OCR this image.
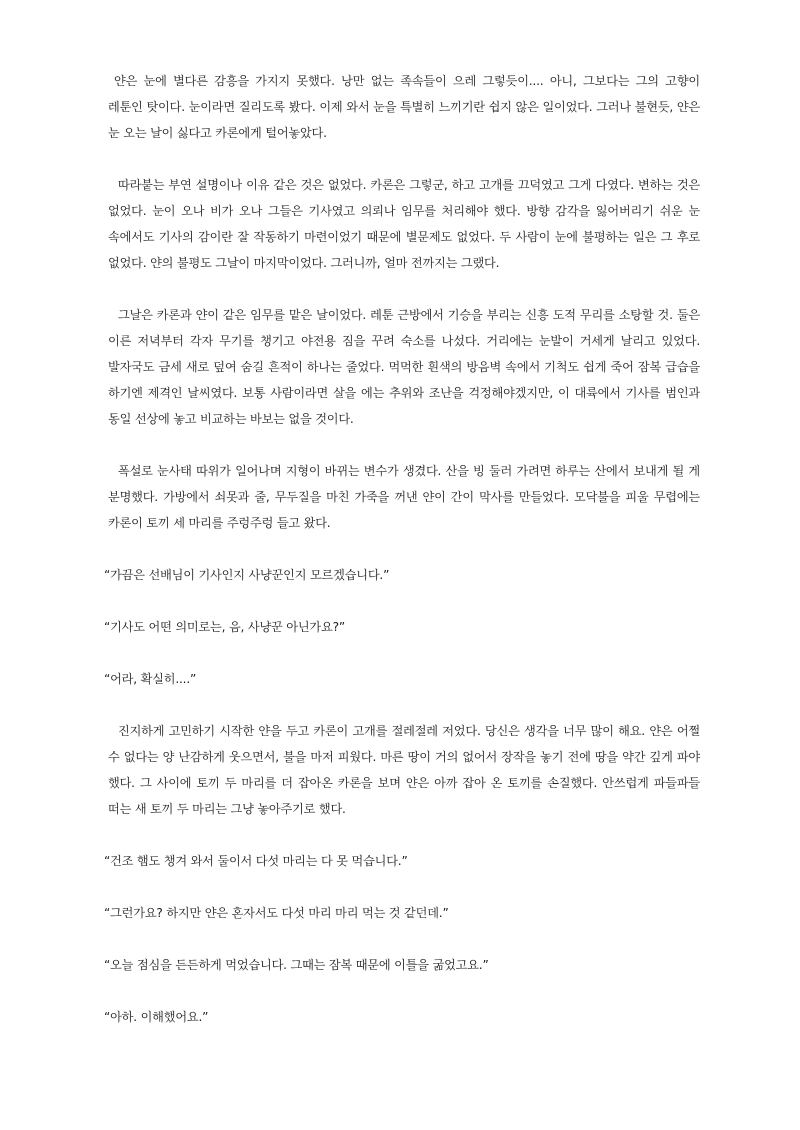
얀은 눈에 별다른 감흥을 가지지 못했다. 낭만 없는 족속들이 으레 그렇듯이.... 아니, 그보다는 그의 고향이 레툰인 탓이다. 눈이라면 질리도록 봤다. 이제 와서 눈을 특별히 느끼기란 쉽지 않은 일이었다. 그러나 불현듯, 얀은 눈 오는 날이 싫다고 카론에게 털어놓았다.

따라붙는 부연 설명이나 이유 같은 것은 없었다. 카론은 그렇군, 하고 고개를 끄덕였고 그게 다였다. 변하는 것은 없었다. 눈이 오나 비가 오나 그들은 기사였고 의뢰나 임무를 처리해야 했다. 방향 감각을 잃어버리기 쉬운 눈 속에서도 기사의 감이란 잘 작동하기 마련이었기 때문에 별문제도 없었다. 두 사람이 눈에 불평하는 일은 그 후로 없었다. 얀의 불평도 그날이 마지막이었다. 그러니까, 얼마 전까지는 그랬다.

그날은 카론과 얀이 같은 임무를 맡은 날이었다. 레툰 근방에서 기승을 부리는 신흥 도적 무리를 소탕할 것. 둘은 이른 저녁부터 각자 무기를 챙기고 야전용 짐을 꾸려 숙소를 나섰다. 거리에는 눈발이 거세게 날리고 있었다. 발자국도 금세 새로 덮여 숨길 흔적이 하나는 줄었다. 먹먹한 흰색의 방음벽 속에서 기척도 쉽게 죽어 잠복 급습을 하기엔 제격인 날씨였다. 보통 사람이라면 살을 에는 추위와 조난을 걱정해야겠지만, 이 대륙에서 기사를 범인과 동일 선상에 놓고 비교하는 바보는 없을 것이다.

폭설로 눈사태 따위가 일어나며 지형이 바뀌는 변수가 생겼다. 산을 빙 둘러 가려면 하루는 산에서 보내게 될 게 분명했다. 가방에서 쇠못과 줄, 무두질을 마친 가죽을 꺼낸 얀이 간이 막사를 만들었다. 모닥불을 피울 무렵에는 카론이 토끼 세 마리를 주렁주렁 들고 왔다.

“가끔은 선배님이 기사인지 사냥꾼인지 모르겠습니다.”

“기사도 어떤 의미로는, 음, 사냥꾼 아닌가요?”

“어라, 확실히....”

진지하게 고민하기 시작한 얀을 두고 카론이 고개를 절레절레 저었다. 당신은 생각을 너무 많이 해요. 얀은 어쩔 수 없다는 양 난감하게 웃으면서, 불을 마저 피웠다. 마른 땅이 거의 없어서 장작을 놓기 전에 땅을 약간 깊게 파야 했다. 그 사이에 토끼 두 마리를 더 잡아온 카론을 보며 얀은 아까 잡아 온 토끼를 손질했다. 안쓰럽게 파들파들 떠는 새 토끼 두 마리는 그냥 놓아주기로 했다.

“건조 햄도 챙겨 와서 둘이서 다섯 마리는 다 못 먹습니다.”

“그런가요? 하지만 얀은 혼자서도 다섯 마리 마리 먹는 것 같던데.”

“오늘 점심을 든든하게 먹었습니다. 그때는 잠복 때문에 이틀을 굶었고요.”

“아하. 이해했어요.”
